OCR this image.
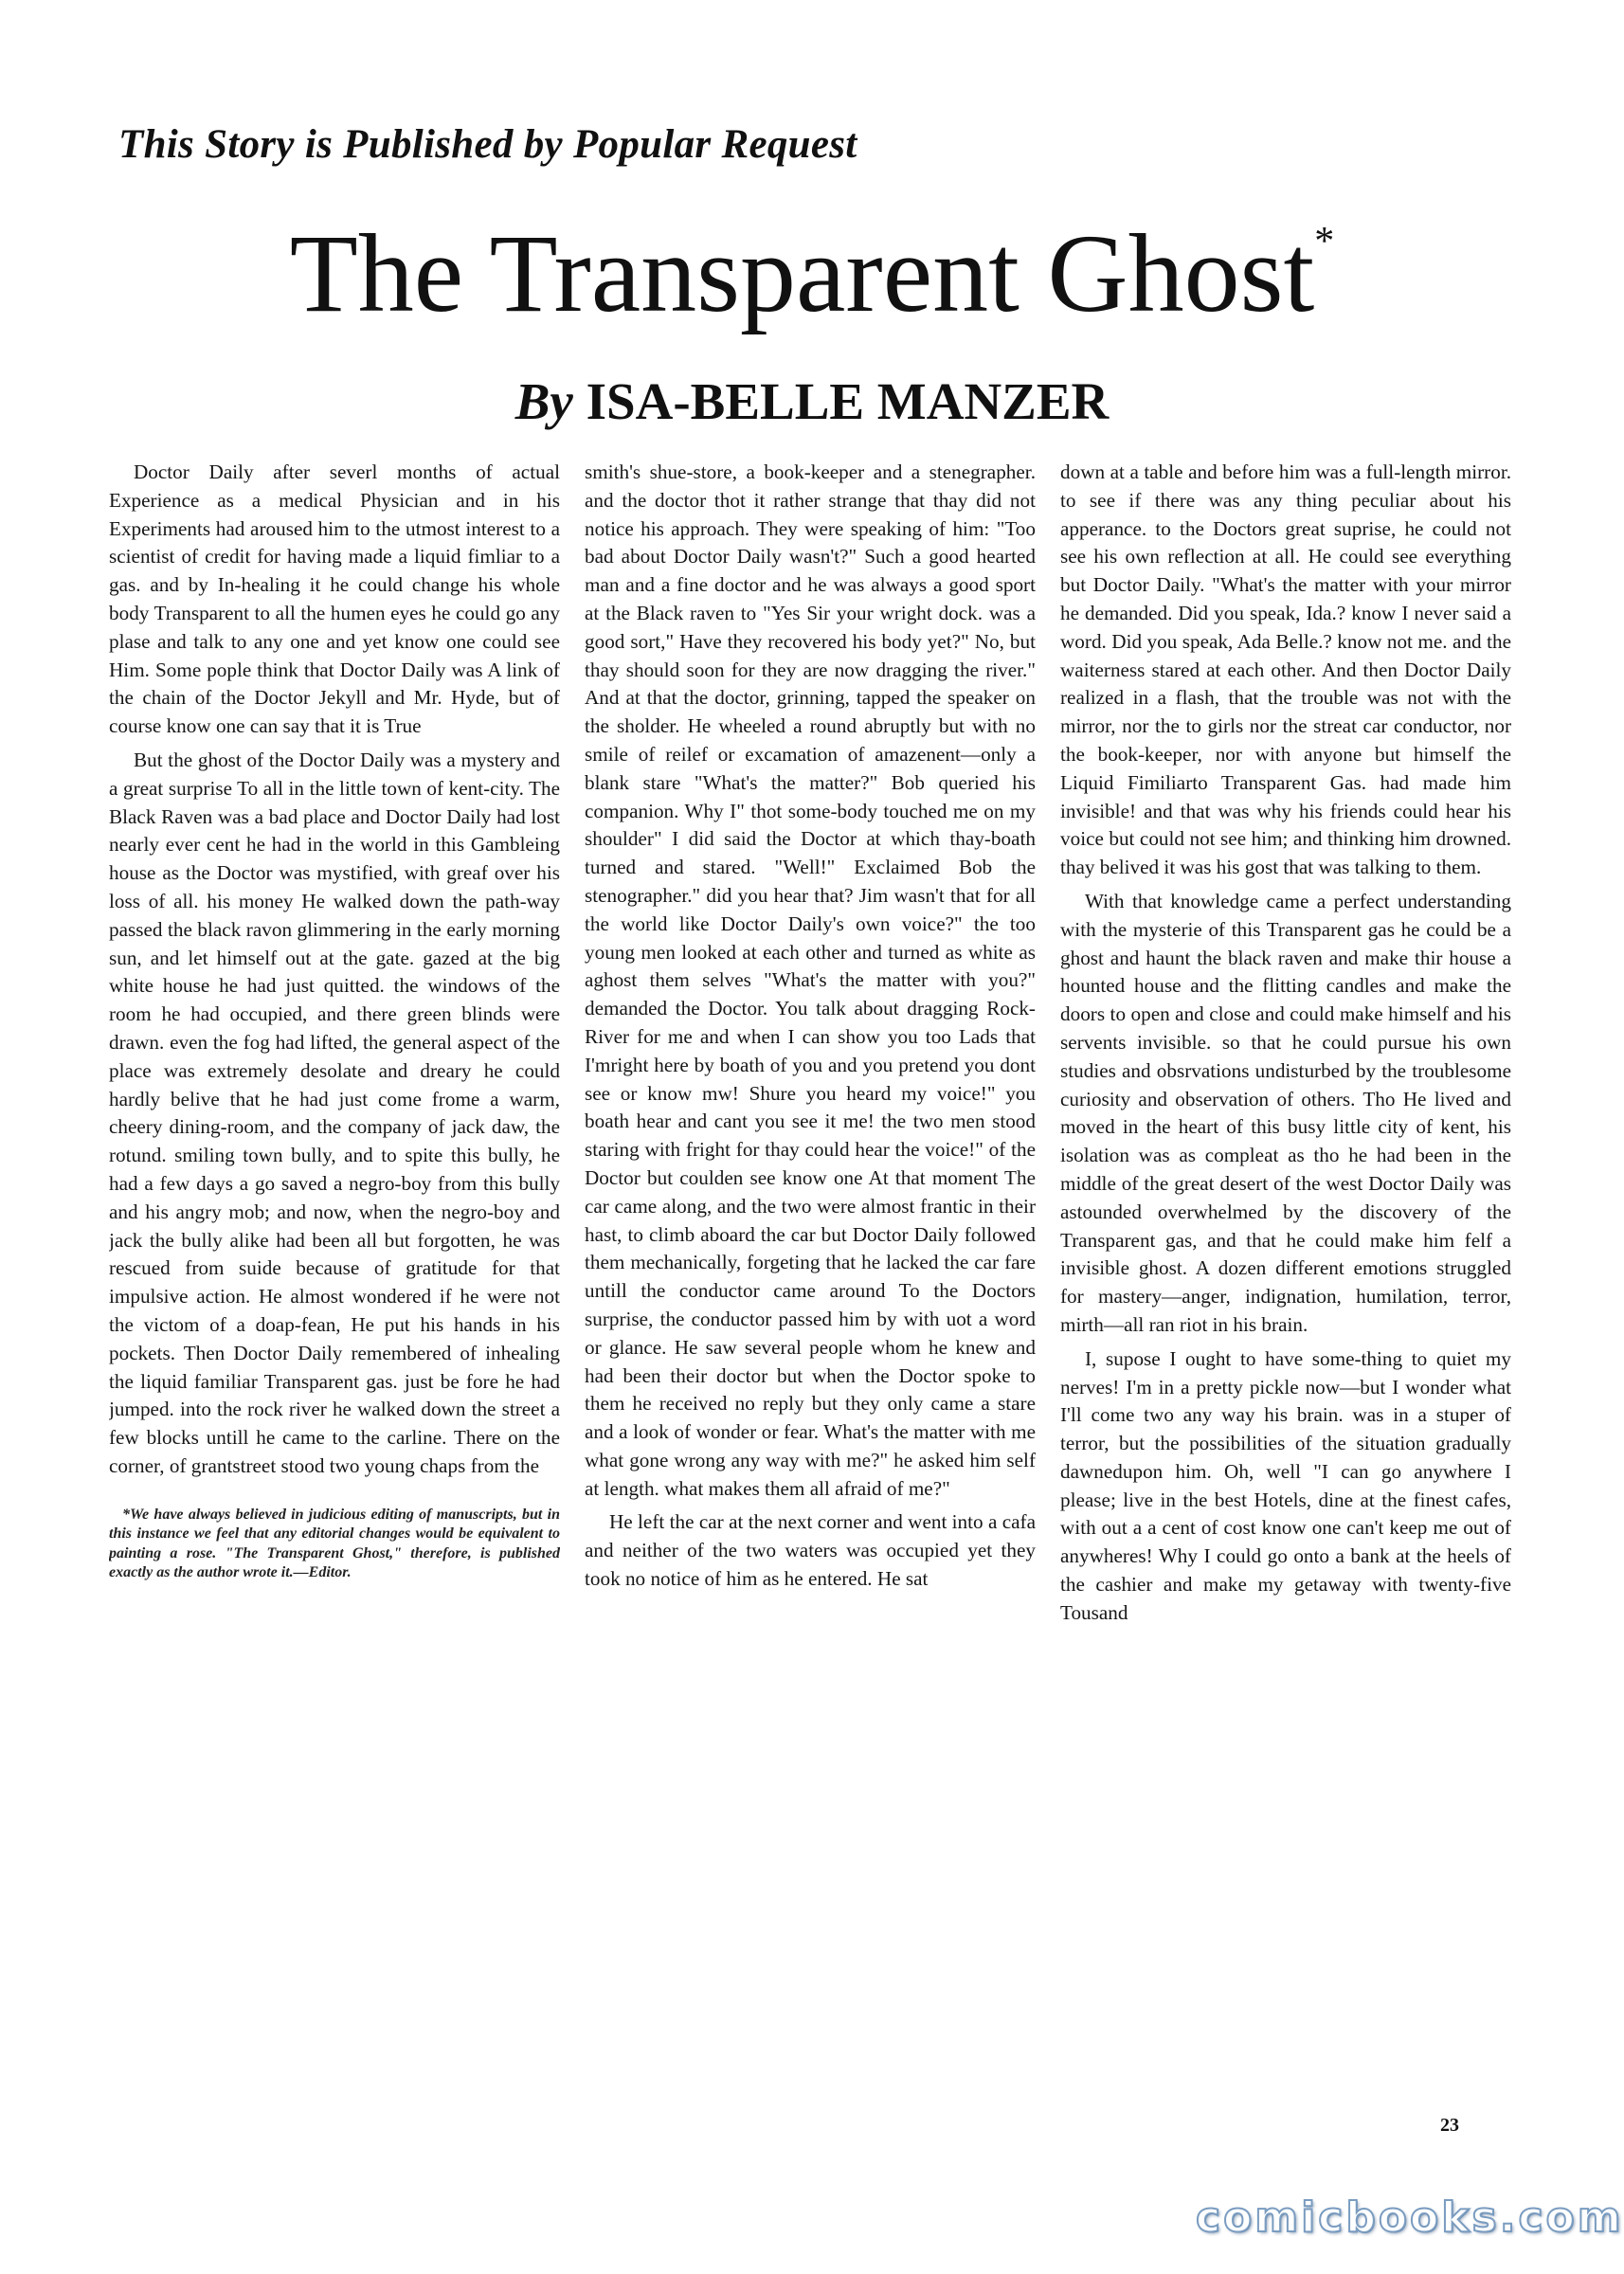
This Story is Published by Popular Request
The Transparent Ghost*
By ISA-BELLE MANZER

Doctor Daily after severl months of actual Experience as a medical Physician and in his Experiments had aroused him to the utmost interest to a scientist of credit for having made a liquid fimliar to a gas. and by In-healing it he could change his whole body Transparent to all the humen eyes he could go any plase and talk to any one and yet know one could see Him. Some pople think that Doctor Daily was A link of the chain of the Doctor Jekyll and Mr. Hyde, but of course know one can say that it is True

But the ghost of the Doctor Daily was a mystery and a great surprise To all in the little town of kent-city. The Black Raven was a bad place and Doctor Daily had lost nearly ever cent he had in the world in this Gambleing house as the Doctor was mystified, with greaf over his loss of all. his money He walked down the path-way passed the black ravon glimmering in the early morning sun, and let himself out at the gate. gazed at the big white house he had just quitted. the windows of the room he had occupied, and there green blinds were drawn. even the fog had lifted, the general aspect of the place was extremely desolate and dreary he could hardly belive that he had just come frome a warm, cheery dining-room, and the company of jack daw, the rotund. smiling town bully, and to spite this bully, he had a few days a go saved a negro-boy from this bully and his angry mob; and now, when the negro-boy and jack the bully alike had been all but forgotten, he was rescued from suide because of gratitude for that impulsive action. He almost wondered if he were not the victom of a doap-fean, He put his hands in his pockets. Then Doctor Daily remembered of inhealing the liquid familiar Transparent gas. just be fore he had jumped. into the rock river he walked down the street a few blocks untill he came to the carline. There on the corner, of grantstreet stood two young chaps from the

*We have always believed in judicious editing of manuscripts, but in this instance we feel that any editorial changes would be equivalent to painting a rose. "The Transparent Ghost," therefore, is published exactly as the author wrote it.—Editor.

smith's shue-store, a book-keeper and a stenegrapher. and the doctor thot it rather strange that thay did not notice his approach. They were speaking of him: "Too bad about Doctor Daily wasn't?" Such a good hearted man and a fine doctor and he was always a good sport at the Black raven to "Yes Sir your wright dock. was a good sort," Have they recovered his body yet?" No, but thay should soon for they are now dragging the river." And at that the doctor, grinning, tapped the speaker on the sholder. He wheeled a round abruptly but with no smile of reilef or excamation of amazenent—only a blank stare "What's the matter?" Bob queried his companion. Why I" thot some-body touched me on my shoulder" I did said the Doctor at which thay-boath turned and stared. "Well!" Exclaimed Bob the stenographer." did you hear that? Jim wasn't that for all the world like Doctor Daily's own voice?" the too young men looked at each other and turned as white as aghost them selves "What's the matter with you?" demanded the Doctor. You talk about dragging Rock-River for me and when I can show you too Lads that I'mright here by boath of you and you pretend you dont see or know mw! Shure you heard my voice!" you boath hear and cant you see it me! the two men stood staring with fright for thay could hear the voice!" of the Doctor but coulden see know one At that moment The car came along, and the two were almost frantic in their hast, to climb aboard the car but Doctor Daily followed them mechanically, forgeting that he lacked the car fare untill the conductor came around To the Doctors surprise, the conductor passed him by with uot a word or glance. He saw several people whom he knew and had been their doctor but when the Doctor spoke to them he received no reply but they only came a stare and a look of wonder or fear. What's the matter with me what gone wrong any way with me?" he asked him self at length. what makes them all afraid of me?"

He left the car at the next corner and went into a cafa and neither of the two waters was occupied yet they took no notice of him as he entered. He sat

down at a table and before him was a full-length mirror. to see if there was any thing peculiar about his apperance. to the Doctors great suprise, he could not see his own reflection at all. He could see everything but Doctor Daily. "What's the matter with your mirror he demanded. Did you speak, Ida.? know I never said a word. Did you speak, Ada Belle.? know not me. and the waiterness stared at each other. And then Doctor Daily realized in a flash, that the trouble was not with the mirror, nor the to girls nor the streat car conductor, nor the book-keeper, nor with anyone but himself the Liquid Fimiliarto Transparent Gas. had made him invisible! and that was why his friends could hear his voice but could not see him; and thinking him drowned. thay belived it was his gost that was talking to them.

With that knowledge came a perfect understanding with the mysterie of this Transparent gas he could be a ghost and haunt the black raven and make thir house a hounted house and the flitting candles and make the doors to open and close and could make himself and his servents invisible. so that he could pursue his own studies and obsrvations undisturbed by the troublesome curiosity and observation of others. Tho He lived and moved in the heart of this busy little city of kent, his isolation was as compleat as tho he had been in the middle of the great desert of the west Doctor Daily was astounded overwhelmed by the discovery of the Transparent gas, and that he could make him felf a invisible ghost. A dozen different emotions struggled for mastery—anger, indignation, humilation, terror, mirth—all ran riot in his brain.

I, supose I ought to have some-thing to quiet my nerves! I'm in a pretty pickle now—but I wonder what I'll come two any way his brain. was in a stuper of terror, but the possibilities of the situation gradually dawnedupon him. Oh, well "I can go anywhere I please; live in the best Hotels, dine at the finest cafes, with out a a cent of cost know one can't keep me out of anywheres! Why I could go onto a bank at the heels of the cashier and make my getaway with twenty-five Tousand

23
comicbooks.com
